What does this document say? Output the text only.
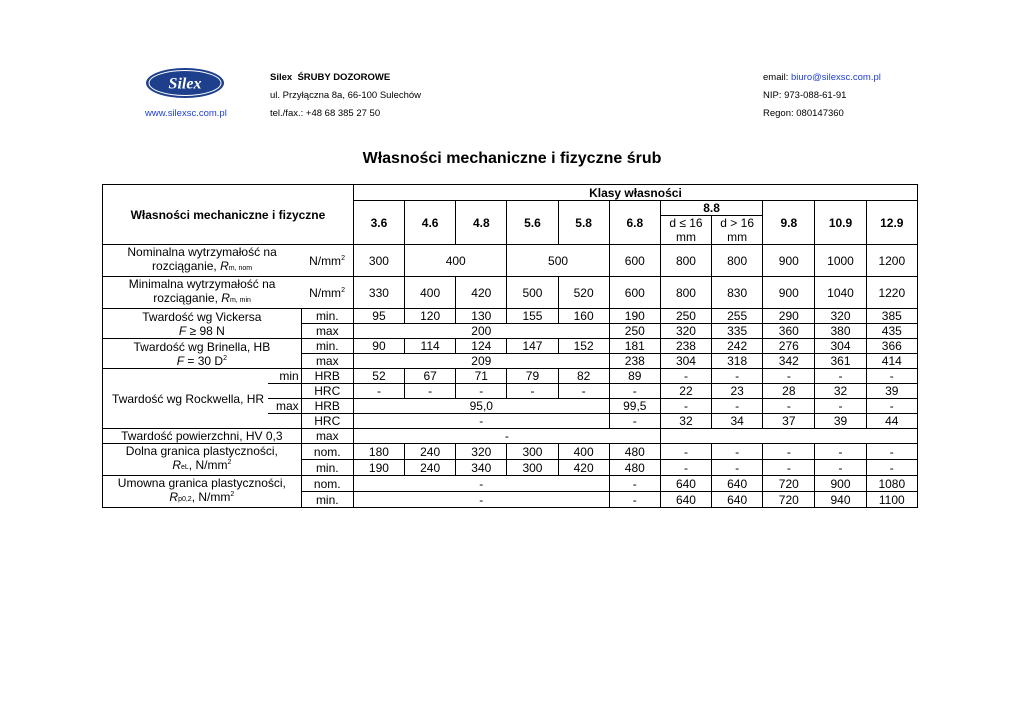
Silex
www.silexsc.com.pl
Silex ŚRUBY DOZOROWE
ul. Przyłączna 8a, 66-100 Sulechów
tel./fax.: +48 68 385 27 50
email: biuro@silexsc.com.pl
NIP: 973-088-61-91
Regon: 080147360
Własności mechaniczne i fizyczne śrub
Własności mechaniczne i fizyczne			Klasy własności										
			3.6	4.6	4.8	5.6	5.8	6.8	8.8		9.8	10.9	12.9
									d ≤ 16 mm	d > 16 mm			

Nominalna wytrzymałość na
rozciąganie, Rm, nom		$N/mm^2$	300	400		500		600	800	800	900	1000	1200
Minimalna wytrzymałość na
rozciąganie, Rm, min		$N/mm^2$	330	400	420	500	520	600	800	830	900	1040	1220
Twardość wg Vickersa
F ≥ 98 N		min.	95	120	130	155	160	190	250	255	290	320	385
		max	200					250	320	335	360	380	435
Twardość wg Brinella, HB
F = 30 $D^2$		min.	90	114	124	147	152	181	238	242	276	304	366
		max	209					238	304	318	342	361	414
Twardość wg Rockwella, HR	min	HRB	52	67	71	79	82	89	-	-	-	-	-
		HRC	-	-	-	-	-	-	22	23	28	32	39
	max	HRB	95,0					99,5	-	-	-	-	-
		HRC	-					-	32	34	37	39	44
Twardość powierzchni, HV 0,3		max	-										
Dolna granica plastyczności,
ReL, $N/mm^2$		nom.	180	240	320	300	400	480	-	-	-	-	-
		min.	190	240	340	300	420	480	-	-	-	-	-
Umowna granica plastyczności,
Rp0,2, $N/mm^2$		nom.	-					-	640	640	720	900	1080
		min.	-					-	640	640	720	940	1100
